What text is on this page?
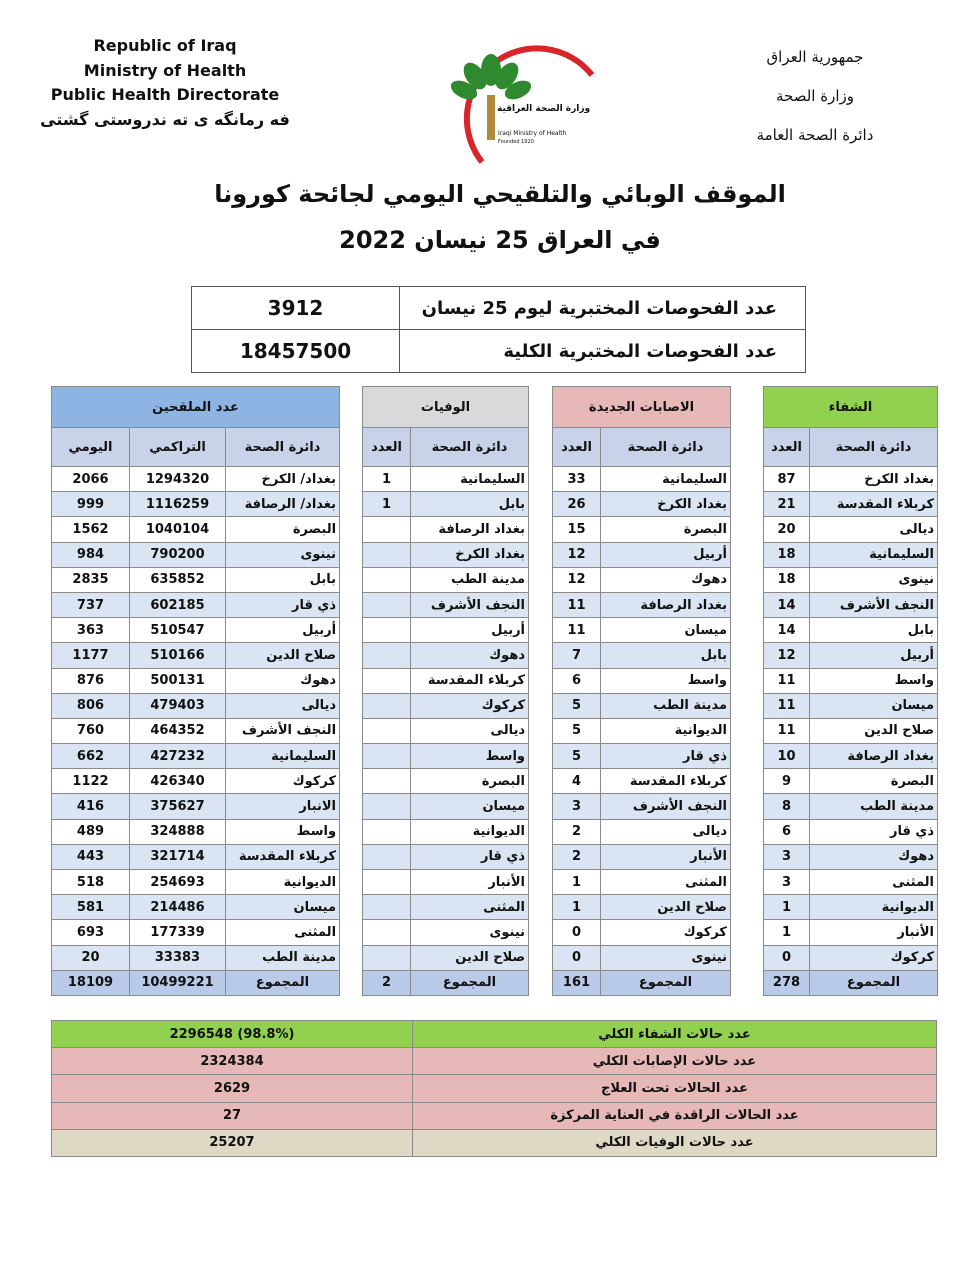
Republic of Iraq
Ministry of Health
Public Health Directorate
فه رمانگه ی ته ندروستی گشتی
جمهورية العراق
وزارة الصحة
دائرة الصحة العامة
وزارة الصحة العراقية
Iraqi Ministry of Health
Founded 1920
الموقف الوبائي والتلقيحي اليومي لجائحة كورونا
في العراق 25 نيسان 2022
3912	عدد الفحوصات المختبرية ليوم 25 نيسان
18457500	عدد الفحوصات المختبرية الكلية
عدد الملقحين		
اليومي	التراكمي	دائرة الصحة
2066	1294320	بغداد/ الكرخ
999	1116259	بغداد/ الرصافة
1562	1040104	البصرة
984	790200	نينوى
2835	635852	بابل
737	602185	ذي قار
363	510547	أربيل
1177	510166	صلاح الدين
876	500131	دهوك
806	479403	ديالى
760	464352	النجف الأشرف
662	427232	السليمانية
1122	426340	كركوك
416	375627	الانبار
489	324888	واسط
443	321714	كربلاء المقدسة
518	254693	الديوانية
581	214486	ميسان
693	177339	المثنى
20	33383	مدينة الطب
18109	10499221	المجموع
الوفيات	
العدد	دائرة الصحة
1	السليمانية
1	بابل
	بغداد الرصافة
	بغداد الكرخ
	مدينة الطب
	النجف الأشرف
	أربيل
	دهوك
	كربلاء المقدسة
	كركوك
	ديالى
	واسط
	البصرة
	ميسان
	الديوانية
	ذي قار
	الأنبار
	المثنى
	نينوى
	صلاح الدين
2	المجموع
الاصابات الجديدة	
العدد	دائرة الصحة
33	السليمانية
26	بغداد الكرخ
15	البصرة
12	أربيل
12	دهوك
11	بغداد الرصافة
11	ميسان
7	بابل
6	واسط
5	مدينة الطب
5	الديوانية
5	ذي قار
4	كربلاء المقدسة
3	النجف الأشرف
2	ديالى
2	الأنبار
1	المثنى
1	صلاح الدين
0	كركوك
0	نينوى
161	المجموع
الشفاء	
العدد	دائرة الصحة
87	بغداد الكرخ
21	كربلاء المقدسة
20	ديالى
18	السليمانية
18	نينوى
14	النجف الأشرف
14	بابل
12	أربيل
11	واسط
11	ميسان
11	صلاح الدين
10	بغداد الرصافة
9	البصرة
8	مدينة الطب
6	ذي قار
3	دهوك
3	المثنى
1	الديوانية
1	الأنبار
0	كركوك
278	المجموع
2296548 (98.8%)	عدد حالات الشفاء الكلي
2324384	عدد حالات الإصابات الكلي
2629	عدد الحالات تحت العلاج
27	عدد الحالات الراقدة في العناية المركزة
25207	عدد حالات الوفيات الكلي
